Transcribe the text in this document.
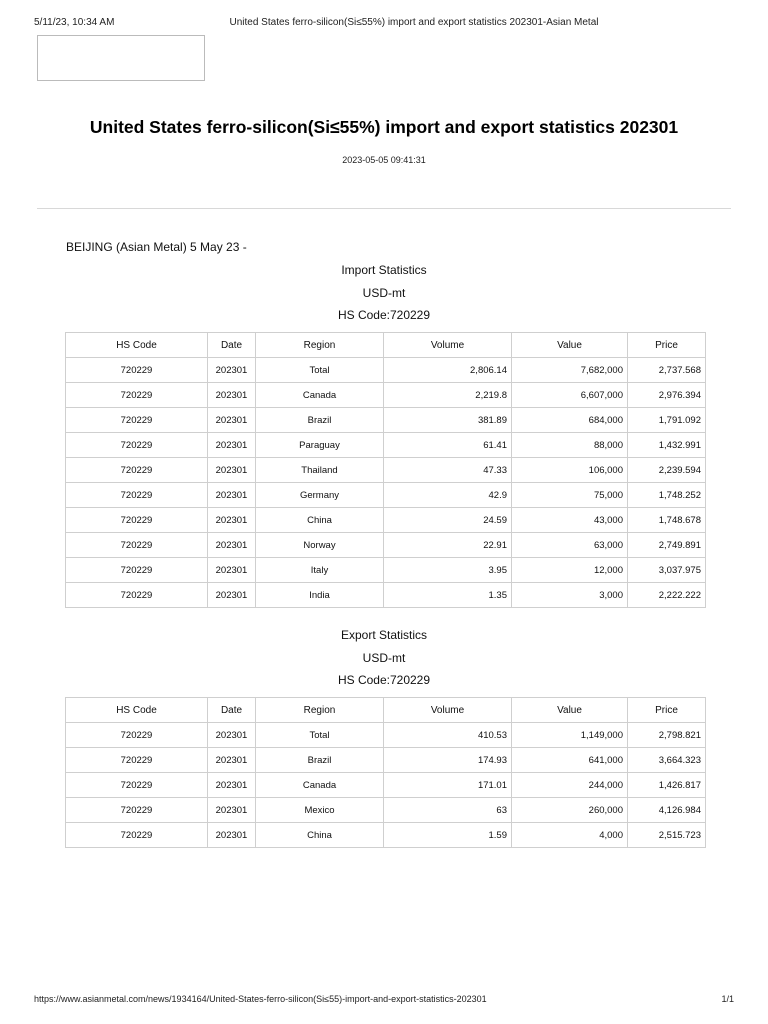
5/11/23, 10:34 AM	United States ferro-silicon(Si≤55%) import and export statistics 202301-Asian Metal
United States ferro-silicon(Si≤55%) import and export statistics 202301
2023-05-05 09:41:31
BEIJING (Asian Metal) 5 May 23 -
Import Statistics
USD-mt
HS Code:720229
HS Code	Date	Region	Volume	Value	Price
720229	202301	Total	2,806.14	7,682,000	2,737.568
720229	202301	Canada	2,219.8	6,607,000	2,976.394
720229	202301	Brazil	381.89	684,000	1,791.092
720229	202301	Paraguay	61.41	88,000	1,432.991
720229	202301	Thailand	47.33	106,000	2,239.594
720229	202301	Germany	42.9	75,000	1,748.252
720229	202301	China	24.59	43,000	1,748.678
720229	202301	Norway	22.91	63,000	2,749.891
720229	202301	Italy	3.95	12,000	3,037.975
720229	202301	India	1.35	3,000	2,222.222
Export Statistics
USD-mt
HS Code:720229
HS Code	Date	Region	Volume	Value	Price
720229	202301	Total	410.53	1,149,000	2,798.821
720229	202301	Brazil	174.93	641,000	3,664.323
720229	202301	Canada	171.01	244,000	1,426.817
720229	202301	Mexico	63	260,000	4,126.984
720229	202301	China	1.59	4,000	2,515.723
https://www.asianmetal.com/news/1934164/United-States-ferro-silicon(Si≤55)-import-and-export-statistics-202301	1/1
